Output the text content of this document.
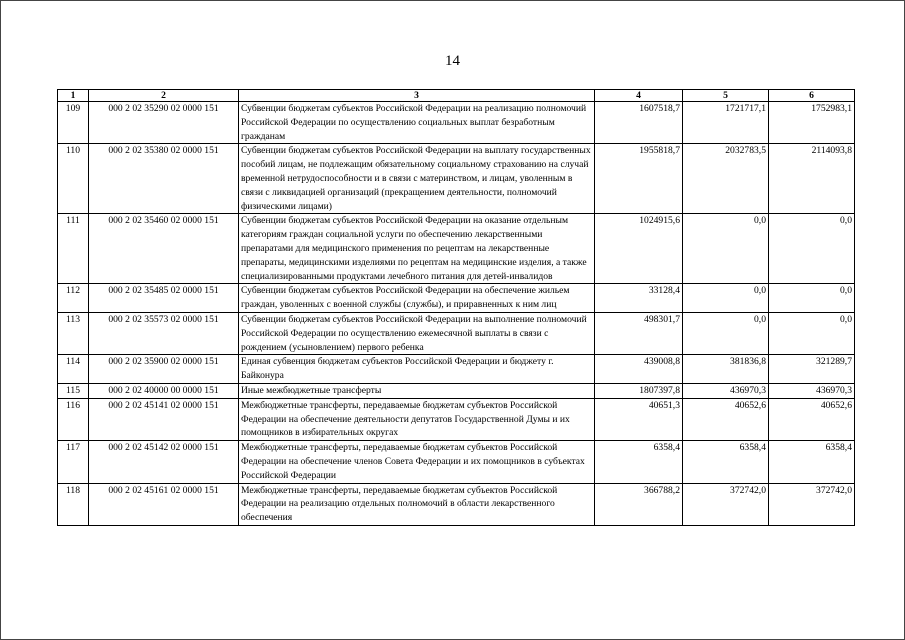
14
1	2	3	4	5	6
109	000 2 02 35290 02 0000 151	Субвенции бюджетам субъектов Российской Федерации на реализацию полномочий Российской Федерации по осуществлению социальных выплат безработным гражданам	1607518,7	1721717,1	1752983,1
110	000 2 02 35380 02 0000 151	Субвенции бюджетам субъектов Российской Федерации на выплату государственных пособий лицам, не подлежащим обязательному социальному страхованию на случай временной нетрудоспособности и в связи с материнством, и лицам, уволенным в связи с ликвидацией организаций (прекращением деятельности, полномочий физическими лицами)	1955818,7	2032783,5	2114093,8
111	000 2 02 35460 02 0000 151	Субвенции бюджетам субъектов Российской Федерации на оказание отдельным категориям граждан социальной услуги по обеспечению лекарственными препаратами для медицинского применения по рецептам на лекарственные препараты, медицинскими изделиями по рецептам на медицинские изделия, а также специализированными продуктами лечебного питания для детей-инвалидов	1024915,6	0,0	0,0
112	000 2 02 35485 02 0000 151	Субвенции бюджетам субъектов Российской Федерации на обеспечение жильем граждан, уволенных с военной службы (службы), и приравненных к ним лиц	33128,4	0,0	0,0
113	000 2 02 35573 02 0000 151	Субвенции бюджетам субъектов Российской Федерации на выполнение полномочий Российской Федерации по осуществлению ежемесячной выплаты в связи с рождением (усыновлением) первого ребенка	498301,7	0,0	0,0
114	000 2 02 35900 02 0000 151	Единая субвенция бюджетам субъектов Российской Федерации и бюджету г. Байконура	439008,8	381836,8	321289,7
115	000 2 02 40000 00 0000 151	Иные межбюджетные трансферты	1807397,8	436970,3	436970,3
116	000 2 02 45141 02 0000 151	Межбюджетные трансферты, передаваемые бюджетам субъектов Российской Федерации на обеспечение деятельности депутатов Государственной Думы и их помощников в избирательных округах	40651,3	40652,6	40652,6
117	000 2 02 45142 02 0000 151	Межбюджетные трансферты, передаваемые бюджетам субъектов Российской Федерации на обеспечение членов Совета Федерации и их помощников в субъектах Российской Федерации	6358,4	6358,4	6358,4
118	000 2 02 45161 02 0000 151	Межбюджетные трансферты, передаваемые бюджетам субъектов Российской Федерации на реализацию отдельных полномочий в области лекарственного обеспечения	366788,2	372742,0	372742,0
